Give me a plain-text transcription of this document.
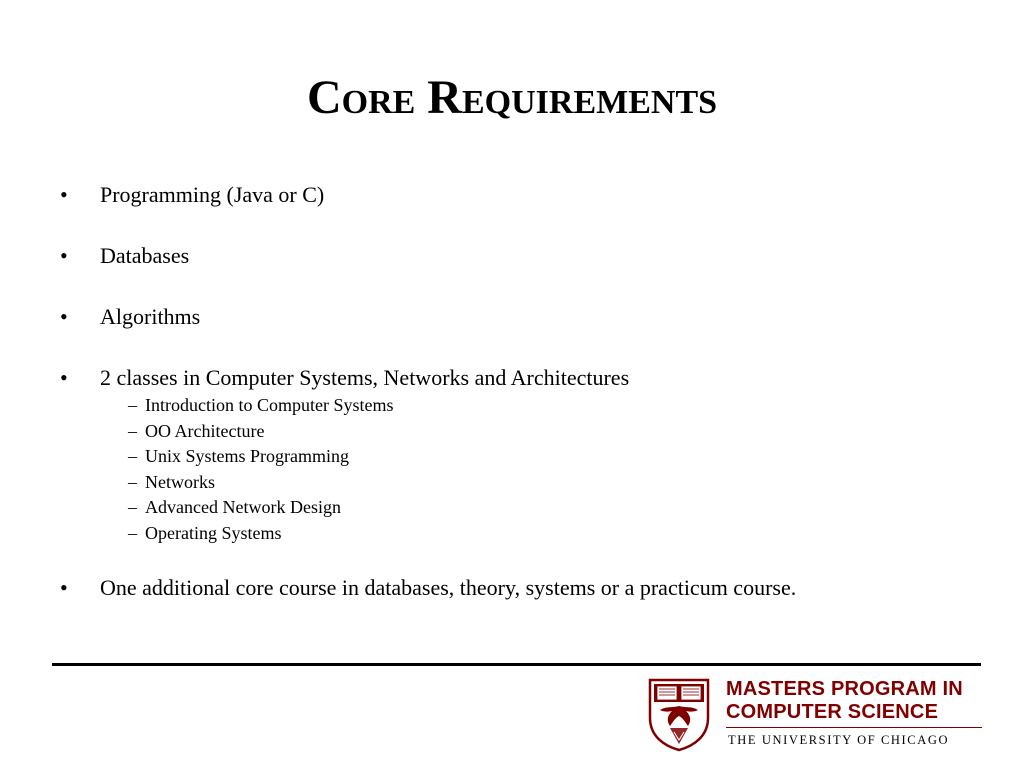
Core Requirements
•	Programming (Java or C)
•	Databases
•	Algorithms
•	2 classes in Computer Systems, Networks and Architectures
– Introduction to Computer Systems
– OO Architecture
– Unix Systems Programming
– Networks
– Advanced Network Design
– Operating Systems
•	One additional core course in databases, theory, systems or a practicum course.
MASTERS PROGRAM IN
COMPUTER SCIENCE
THE UNIVERSITY OF CHICAGO
